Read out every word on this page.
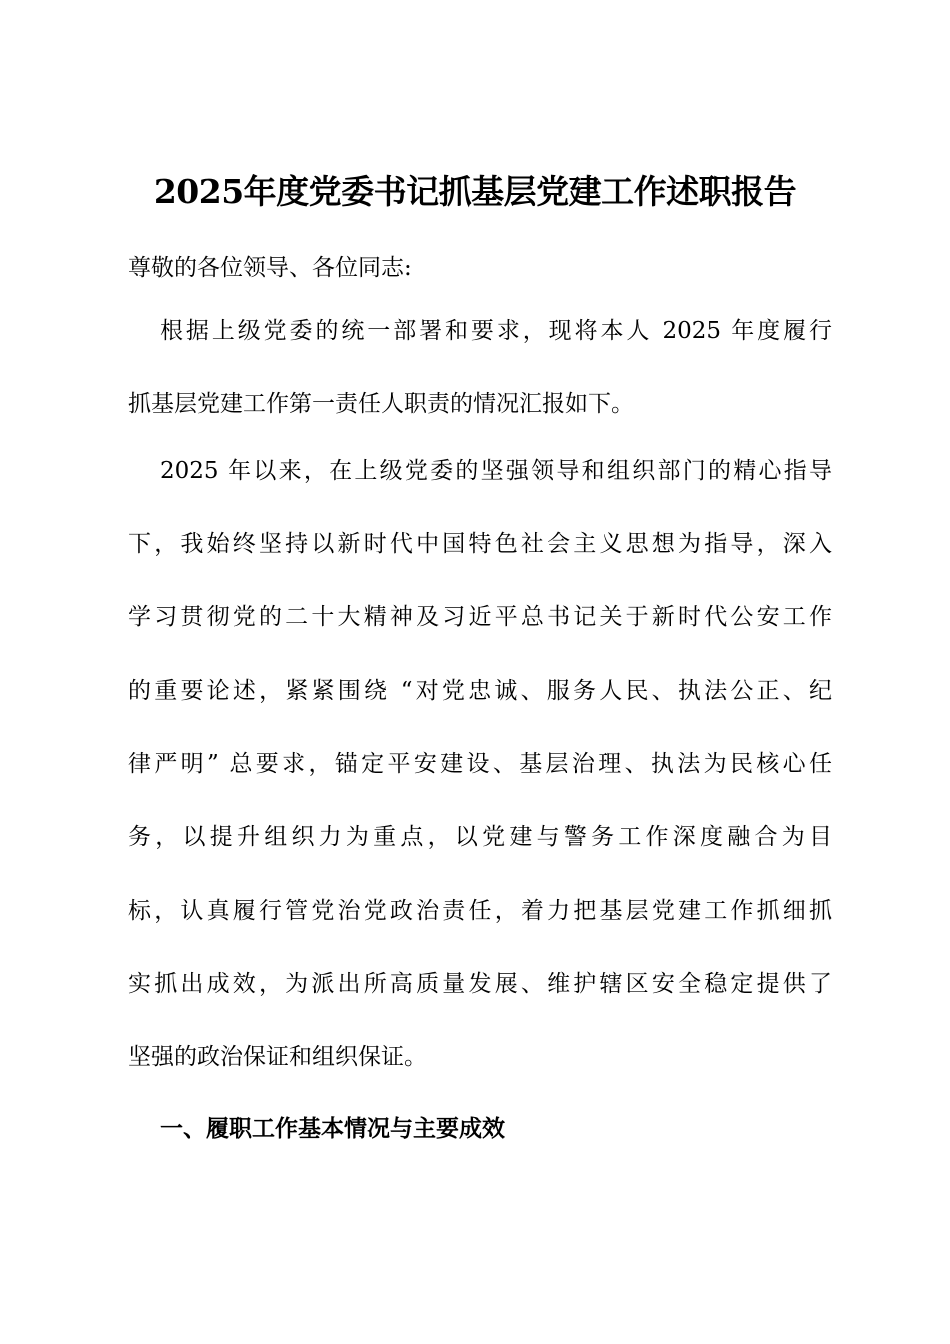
2025年度党委书记抓基层党建工作述职报告
尊敬的各位领导、各位同志:
根据上级党委的统一部署和要求，现将本人 2025 年度履行
抓基层党建工作第一责任人职责的情况汇报如下。
2025 年以来，在上级党委的坚强领导和组织部门的精心指导
下，我始终坚持以新时代中国特色社会主义思想为指导，深入
学习贯彻党的二十大精神及习近平总书记关于新时代公安工作
的重要论述，紧紧围绕 “对党忠诚、服务人民、执法公正、纪
律严明” 总要求，锚定平安建设、基层治理、执法为民核心任
务，以提升组织力为重点，以党建与警务工作深度融合为目
标，认真履行管党治党政治责任，着力把基层党建工作抓细抓
实抓出成效，为派出所高质量发展、维护辖区安全稳定提供了
坚强的政治保证和组织保证。
一、履职工作基本情况与主要成效
